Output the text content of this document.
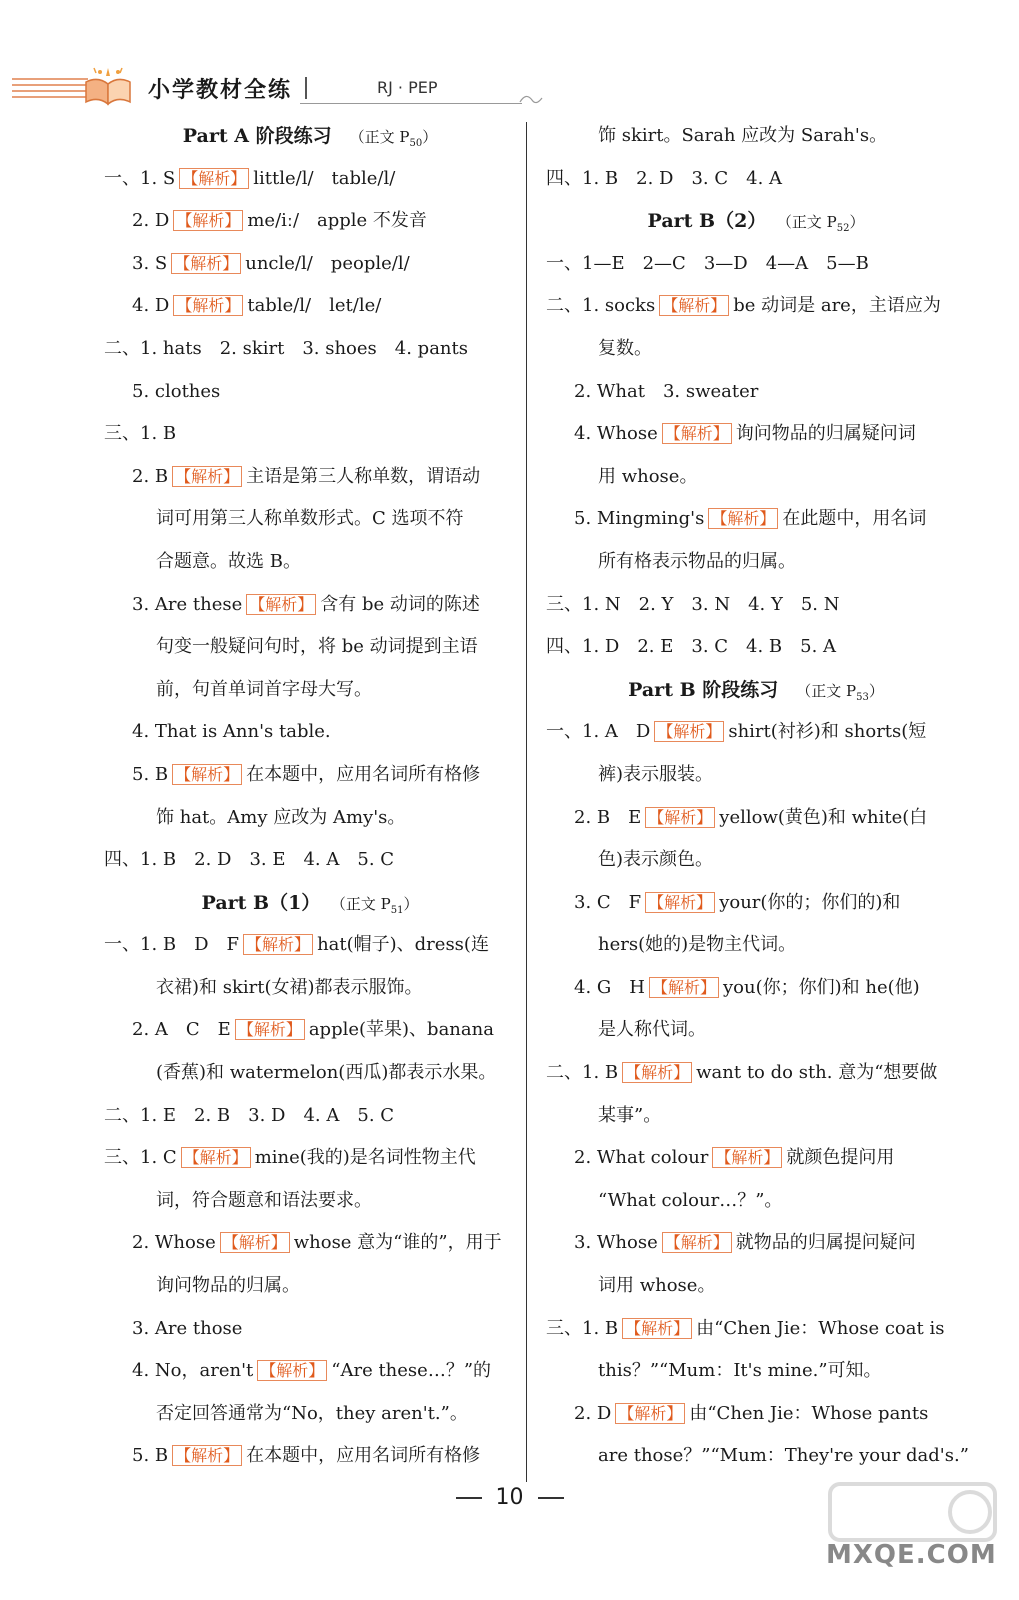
小学教材全练	RJ · PEP
Part A 阶段练习 （正文 $P_{50}$）
一、1. S 【解析】 little/l/　table/l/
2. D 【解析】 me/iː/　apple 不发音
3. S 【解析】 uncle/l/　people/l/
4. D 【解析】 table/l/　let/le/
二、1. hats　2. skirt　3. shoes　4. pants
5. clothes
三、1. B
2. B 【解析】 主语是第三人称单数，谓语动
词可用第三人称单数形式。C 选项不符
合题意。故选 B。
3. Are these 【解析】 含有 be 动词的陈述
句变一般疑问句时，将 be 动词提到主语
前，句首单词首字母大写。
4. That is Ann's table.
5. B 【解析】 在本题中，应用名词所有格修
饰 hat。Amy 应改为 Amy's。
四、1. B　2. D　3. E　4. A　5. C
Part B（1） （正文 $P_{51}$）
一、1. B　D　F 【解析】 hat(帽子)、dress(连
衣裙)和 skirt(女裙)都表示服饰。
2. A　C　E 【解析】 apple(苹果)、banana
(香蕉)和 watermelon(西瓜)都表示水果。
二、1. E　2. B　3. D　4. A　5. C
三、1. C 【解析】 mine(我的)是名词性物主代
词，符合题意和语法要求。
2. Whose 【解析】 whose 意为“谁的”，用于
询问物品的归属。
3. Are those
4. No，aren't 【解析】 “Are these…？”的
否定回答通常为“No，they aren't.”。
5. B 【解析】 在本题中，应用名词所有格修
饰 skirt。Sarah 应改为 Sarah's。
四、1. B　2. D　3. C　4. A
Part B（2） （正文 $P_{52}$）
一、1—E　2—C　3—D　4—A　5—B
二、1. socks 【解析】 be 动词是 are，主语应为
复数。
2. What　3. sweater
4. Whose 【解析】 询问物品的归属疑问词
用 whose。
5. Mingming's 【解析】 在此题中，用名词
所有格表示物品的归属。
三、1. N　2. Y　3. N　4. Y　5. N
四、1. D　2. E　3. C　4. B　5. A
Part B 阶段练习 （正文 $P_{53}$）
一、1. A　D 【解析】 shirt(衬衫)和 shorts(短
裤)表示服装。
2. B　E 【解析】 yellow(黄色)和 white(白
色)表示颜色。
3. C　F 【解析】 your(你的；你们的)和
hers(她的)是物主代词。
4. G　H 【解析】 you(你；你们)和 he(他)
是人称代词。
二、1. B 【解析】 want to do sth. 意为“想要做
某事”。
2. What colour 【解析】 就颜色提问用
“What colour…？”。
3. Whose 【解析】 就物品的归属提问疑问
词用 whose。
三、1. B 【解析】 由“Chen Jie：Whose coat is
this？”“Mum：It's mine.”可知。
2. D 【解析】 由“Chen Jie：Whose pants
are those？”“Mum：They're your dad's.”
10
MXQE.COM
